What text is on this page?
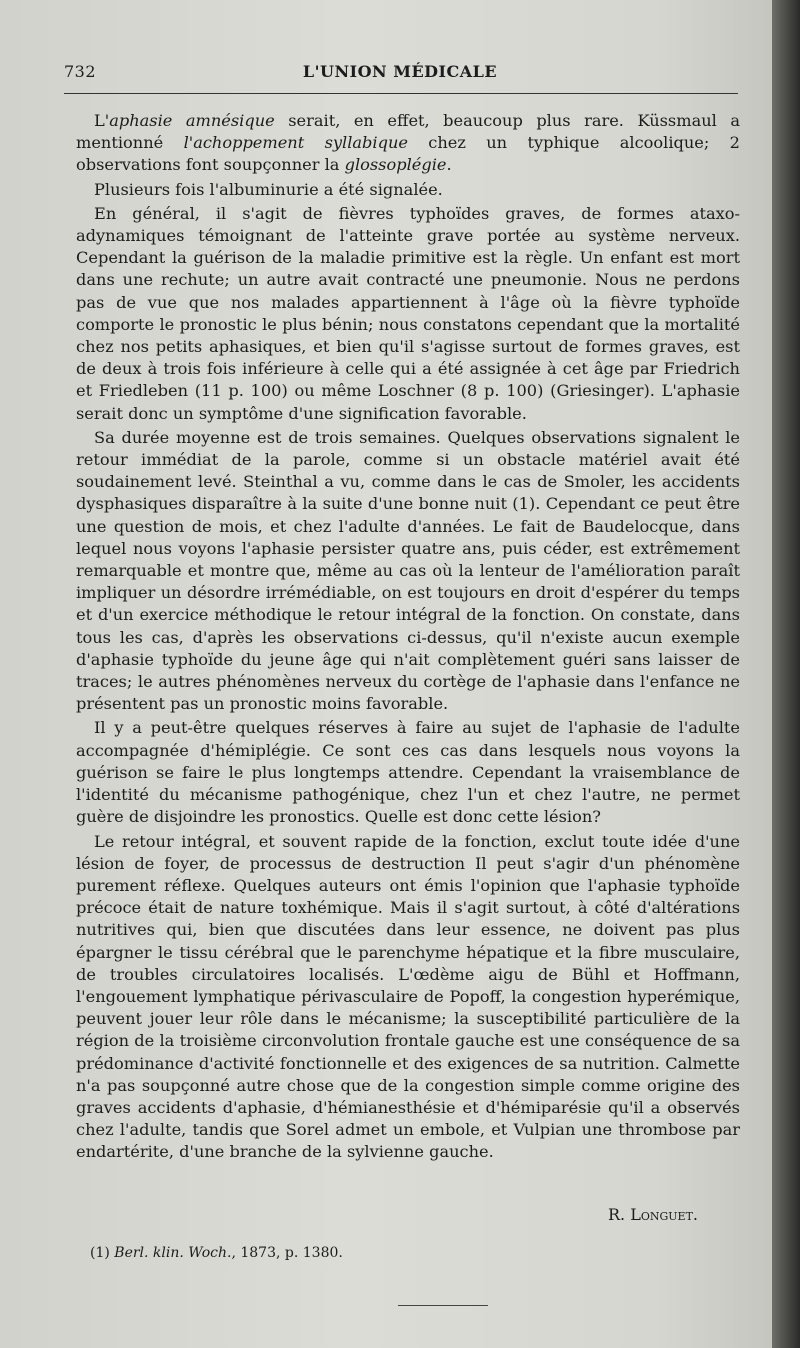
732	L'UNION MÉDICALE

L'aphasie amnésique serait, en effet, beaucoup plus rare. Küssmaul a mentionné l'achoppement syllabique chez un typhique alcoolique; 2 observations font soupçonner la glossoplégie.

Plusieurs fois l'albuminurie a été signalée.

En général, il s'agit de fièvres typhoïdes graves, de formes ataxo-adynamiques témoignant de l'atteinte grave portée au système nerveux. Cependant la guérison de la maladie primitive est la règle. Un enfant est mort dans une rechute; un autre avait contracté une pneumonie. Nous ne perdons pas de vue que nos malades appartiennent à l'âge où la fièvre typhoïde comporte le pronostic le plus bénin; nous constatons cependant que la mortalité chez nos petits aphasiques, et bien qu'il s'agisse surtout de formes graves, est de deux à trois fois inférieure à celle qui a été assignée à cet âge par Friedrich et Friedleben (11 p. 100) ou même Loschner (8 p. 100) (Griesinger). L'aphasie serait donc un symptôme d'une signification favorable.

Sa durée moyenne est de trois semaines. Quelques observations signalent le retour immédiat de la parole, comme si un obstacle matériel avait été soudainement levé. Steinthal a vu, comme dans le cas de Smoler, les accidents dysphasiques disparaître à la suite d'une bonne nuit (1). Cependant ce peut être une question de mois, et chez l'adulte d'années. Le fait de Baudelocque, dans lequel nous voyons l'aphasie persister quatre ans, puis céder, est extrêmement remarquable et montre que, même au cas où la lenteur de l'amélioration paraît impliquer un désordre irrémédiable, on est toujours en droit d'espérer du temps et d'un exercice méthodique le retour intégral de la fonction. On constate, dans tous les cas, d'après les observations ci-dessus, qu'il n'existe aucun exemple d'aphasie typhoïde du jeune âge qui n'ait complètement guéri sans laisser de traces; le autres phénomènes nerveux du cortège de l'aphasie dans l'enfance ne présentent pas un pronostic moins favorable.

Il y a peut-être quelques réserves à faire au sujet de l'aphasie de l'adulte accompagnée d'hémiplégie. Ce sont ces cas dans lesquels nous voyons la guérison se faire le plus longtemps attendre. Cependant la vraisemblance de l'identité du mécanisme pathogénique, chez l'un et chez l'autre, ne permet guère de disjoindre les pronostics. Quelle est donc cette lésion?

Le retour intégral, et souvent rapide de la fonction, exclut toute idée d'une lésion de foyer, de processus de destruction Il peut s'agir d'un phénomène purement réflexe. Quelques auteurs ont émis l'opinion que l'aphasie typhoïde précoce était de nature toxhémique. Mais il s'agit surtout, à côté d'altérations nutritives qui, bien que discutées dans leur essence, ne doivent pas plus épargner le tissu cérébral que le parenchyme hépatique et la fibre musculaire, de troubles circulatoires localisés. L'œdème aigu de Bühl et Hoffmann, l'engouement lymphatique périvasculaire de Popoff, la congestion hyperémique, peuvent jouer leur rôle dans le mécanisme; la susceptibilité particulière de la région de la troisième circonvolution frontale gauche est une conséquence de sa prédominance d'activité fonctionnelle et des exigences de sa nutrition. Calmette n'a pas soupçonné autre chose que de la congestion simple comme origine des graves accidents d'aphasie, d'hémianesthésie et d'hémiparésie qu'il a observés chez l'adulte, tandis que Sorel admet un embole, et Vulpian une thrombose par endartérite, d'une branche de la sylvienne gauche.

R. Longuet.
(1) Berl. klin. Woch., 1873, p. 1380.
